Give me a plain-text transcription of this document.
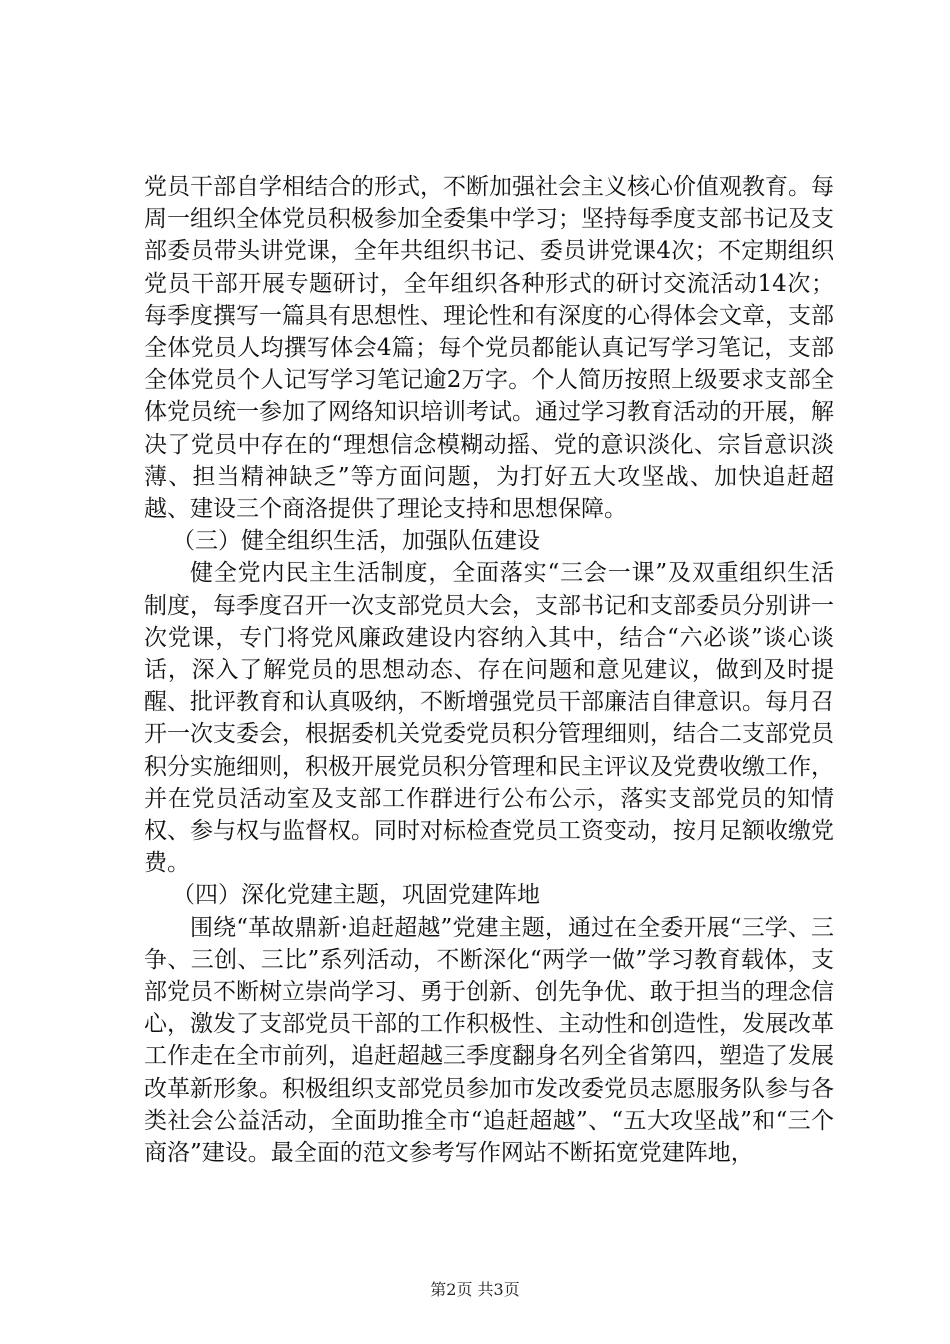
党员干部自学相结合的形式，不断加强社会主义核心价值观教育。每周一组织全体党员积极参加全委集中学习；坚持每季度支部书记及支部委员带头讲党课，全年共组织书记、委员讲党课4次；不定期组织党员干部开展专题研讨，全年组织各种形式的研讨交流活动14次；每季度撰写一篇具有思想性、理论性和有深度的心得体会文章，支部全体党员人均撰写体会4篇；每个党员都能认真记写学习笔记，支部全体党员个人记写学习笔记逾2万字。个人简历按照上级要求支部全体党员统一参加了网络知识培训考试。通过学习教育活动的开展，解决了党员中存在的“理想信念模糊动摇、党的意识淡化、宗旨意识淡薄、担当精神缺乏”等方面问题，为打好五大攻坚战、加快追赶超越、建设三个商洛提供了理论支持和思想保障。

（三）健全组织生活，加强队伍建设

健全党内民主生活制度，全面落实“三会一课”及双重组织生活制度，每季度召开一次支部党员大会，支部书记和支部委员分别讲一次党课，专门将党风廉政建设内容纳入其中，结合“六必谈”谈心谈话，深入了解党员的思想动态、存在问题和意见建议，做到及时提醒、批评教育和认真吸纳，不断增强党员干部廉洁自律意识。每月召开一次支委会，根据委机关党委党员积分管理细则，结合二支部党员积分实施细则，积极开展党员积分管理和民主评议及党费收缴工作，并在党员活动室及支部工作群进行公布公示，落实支部党员的知情权、参与权与监督权。同时对标检查党员工资变动，按月足额收缴党费。

（四）深化党建主题，巩固党建阵地

围绕“革故鼎新·追赶超越”党建主题，通过在全委开展“三学、三争、三创、三比”系列活动，不断深化“两学一做”学习教育载体，支部党员不断树立崇尚学习、勇于创新、创先争优、敢于担当的理念信心，激发了支部党员干部的工作积极性、主动性和创造性，发展改革工作走在全市前列，追赶超越三季度翻身名列全省第四，塑造了发展改革新形象。积极组织支部党员参加市发改委党员志愿服务队参与各类社会公益活动，全面助推全市“追赶超越”、“五大攻坚战”和“三个商洛”建设。最全面的范文参考写作网站不断拓宽党建阵地，

第2页 共3页
